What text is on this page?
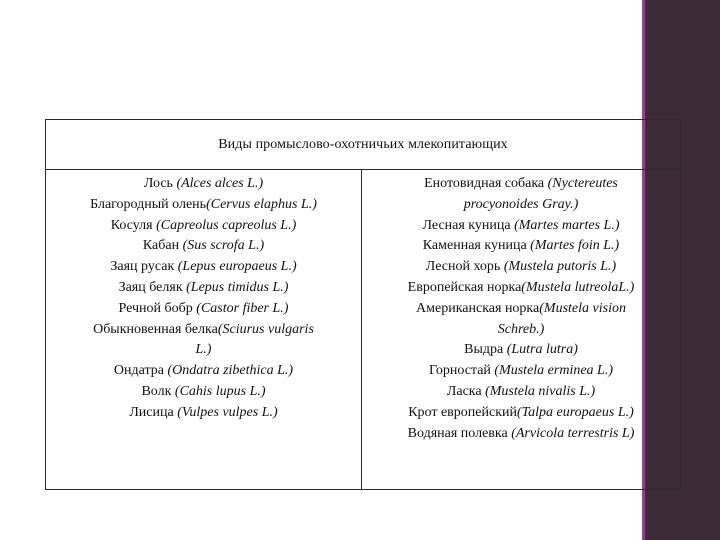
Виды промыслово-охотничьих млекопитающих
Лось (Alces alces L.)
Благородный олень(Cervus elaphus L.)
Косуля (Capreolus capreolus L.)
Кабан (Sus scrofa L.)
Заяц русак (Lepus europaeus L.)
Заяц беляк (Lepus timidus L.)
Речной бобр (Castor fiber L.)
Обыкновенная белка(Sciurus vulgaris
L.)
Ондатра (Ondatra zibethica L.)
Волк (Cahis lupus L.)
Лисица (Vulpes vulpes L.)
Енотовидная собака (Nyctereutes
procyonoides Gray.)
Лесная куница (Martes martes L.)
Каменная куница (Martes foin L.)
Лесной хорь (Mustela putoris L.)
Европейская норка(Mustela lutreolaL.)
Американская норка(Mustela vision
Schreb.)
Выдра (Lutra lutra)
Горностай (Mustela erminea L.)
Ласка (Mustela nivalis L.)
Крот европейский(Talpa europaeus L.)
Водяная полевка (Arvicola terrestris L)
